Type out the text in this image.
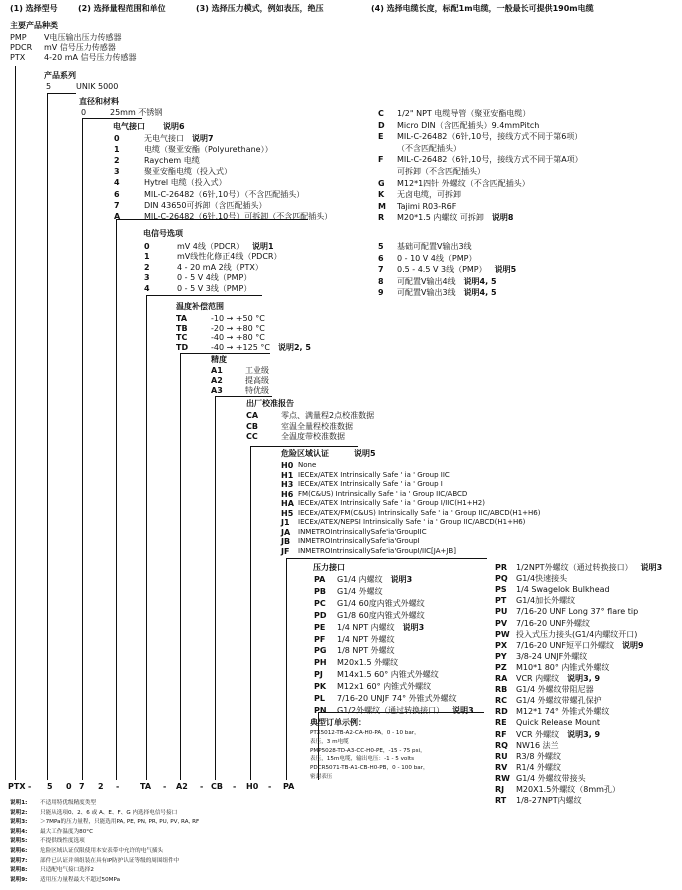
(1) 选择型号	(2) 选择量程范围和单位	(3) 选择压力模式，例如表压，绝压	(4) 选择电缆长度，标配1m电缆，一般最长可提供190m电缆
主要产品种类
PMP V电压输出压力传感器
PDCR mV 信号压力传感器
PTX 4-20 mA 信号压力传感器
产品系列
5	UNIK 5000
直径和材料
0	25mm 不锈钢
电气接口 说明6
0	无电气接口 说明7
1	电缆（聚亚安酯（Polyurethane））
2	Raychem 电缆
3	聚亚安酯电缆（投入式）
4	Hytrel 电缆（投入式）
6	MIL-C-26482（6针,10号）（不含匹配插头）
7	DIN 43650可拆卸（含匹配插头）
A	MIL-C-26482（6针,10号）可拆卸（不含匹配插头）
C 1/2" NPT 电缆导管（聚亚安酯电缆）
D Micro DIN（含匹配插头）9.4mmPitch
E MIL-C-26482（6针,10号，接线方式不同于第6项）
（不含匹配插头）
F MIL-C-26482（6针,10号，接线方式不同于第A项）
可拆卸（不含匹配插头）
G M12*1四针 外螺纹（不含匹配插头）
K 无卤电缆，可拆卸
M Tajimi R03-R6F
R M20*1.5 内螺纹 可拆卸 说明8
电信号选项
0	mV 4线（PDCR） 说明1
1	mV线性化修正4线（PDCR）
2	4 - 20 mA 2线（PTX）
3	0 - 5 V 4线（PMP）
4	0 - 5 V 3线（PMP）
5 基础可配置V输出3线
6 0 - 10 V 4线（PMP）
7 0.5 - 4.5 V 3线（PMP） 说明5
8 可配置V输出4线 说明4, 5
9 可配置V输出3线 说明4, 5
温度补偿范围
TA	-10 → +50 °C
TB	-20 → +80 °C
TC	-40 → +80 °C
TD	-40 → +125 °C 说明2, 5
精度
A1	工业级
A2	提高级
A3	特优级
出厂校准报告
CA	零点、满量程2点校准数据
CB	室温全量程校准数据
CC	全温度带校准数据
危险区域认证	说明5
H0 None
H1 IECEx/ATEX Intrinsically Safe ' ia ' Group IIC
H3 IECEx/ATEX Intrinsically Safe ' ia ' Group I
H6 FM(C&US) Intrinsically Safe ' ia ' Group IIC/ABCD
HA IECEx/ATEX Intrinsically Safe ' ia ' Group I/IIC(H1+H2)
H5 IECEx/ATEX/FM(C&US) Intrinsically Safe ' ia ' Group IIC/ABCD(H1+H6)
J1 IECEx/ATEX/NEPSI Intrinsically Safe ' ia ' Group IIC/ABCD(H1+H6)
JA INMETROIntrinsicallySafe'ia'GroupIIC
JB INMETROIntrinsicallySafe'ia'GroupI
JF INMETROIntrinsicallySafe'ia'GroupI/IIC[JA+JB]
压力接口
PA G1/4 内螺纹 说明3
PB G1/4 外螺纹
PC G1/4 60度内锥式外螺纹
PD G1/8 60度内锥式外螺纹
PE 1/4 NPT 内螺纹 说明3
PF 1/4 NPT 外螺纹
PG 1/8 NPT 外螺纹
PH M20x1.5 外螺纹
PJ M14x1.5 60° 内锥式外螺纹
PK M12x1 60° 内锥式外螺纹
PL 7/16-20 UNJF 74° 外锥式外螺纹
PN G1/2外螺纹（通过转换接口） 说明3
PR 1/2NPT外螺纹（通过转换接口） 说明3
PQ G1/4快速接头
PS 1/4 Swagelok Bulkhead
PT G1/4加长外螺纹
PU 7/16-20 UNF Long 37° flare tip
PV 7/16-20 UNF外螺纹
PW 投入式压力接头(G1/4内螺纹开口)
PX 7/16-20 UNF短平口外螺纹 说明9
PY 3/8-24 UNJF外螺纹
PZ M10*1 80° 内锥式外螺纹
RA VCR 内螺纹 说明3, 9
RB G1/4 外螺纹带阻尼器
RC G1/4 外螺纹带螺孔保护
RD M12*1 74° 外锥式外螺纹
RE Quick Release Mount
RF VCR 外螺纹 说明3, 9
RQ NW16 法兰
RU R3/8 外螺纹
RV R1/4 外螺纹
RW G1/4 外螺纹带接头
RJ M20X1.5外螺纹（8mm孔）
RT 1/8-27NPT内螺纹
典型订单示例：
PTX5012-TB-A2-CA-H0-PA，0 - 10 bar，
表压，3 m电缆
PMP5028-TD-A3-CC-H0-PE，-15 - 75 psi，
表压，15m电缆，输出电压：-1 - 5 volts
PDCR5071-TB-A1-CB-H0-PB，0 - 100 bar，
密封表压
PTX - 5 0 7 2 -	TA - A2 - CB - H0 - PA
说明1: 不适用特优级精度类型
说明2: 只能从选项0、2、6 或 A、E、F、G 内选择电信号接口
说明3: ＞7MPa的压力量程，只能选用PA, PE, PN, PR, PU, PV, RA, RF
说明4: 最大工作温度为80°C
说明5: 不提供线性度选项
说明6: 危险区域认证仅限使用本安表带中允许的电气插头
说明7: 部件已认证并须组装在具有IP防护认证等级的周围组件中
说明8: 只适配电气接口选择2
说明9: 适用压力量程最大不超过50MPa
